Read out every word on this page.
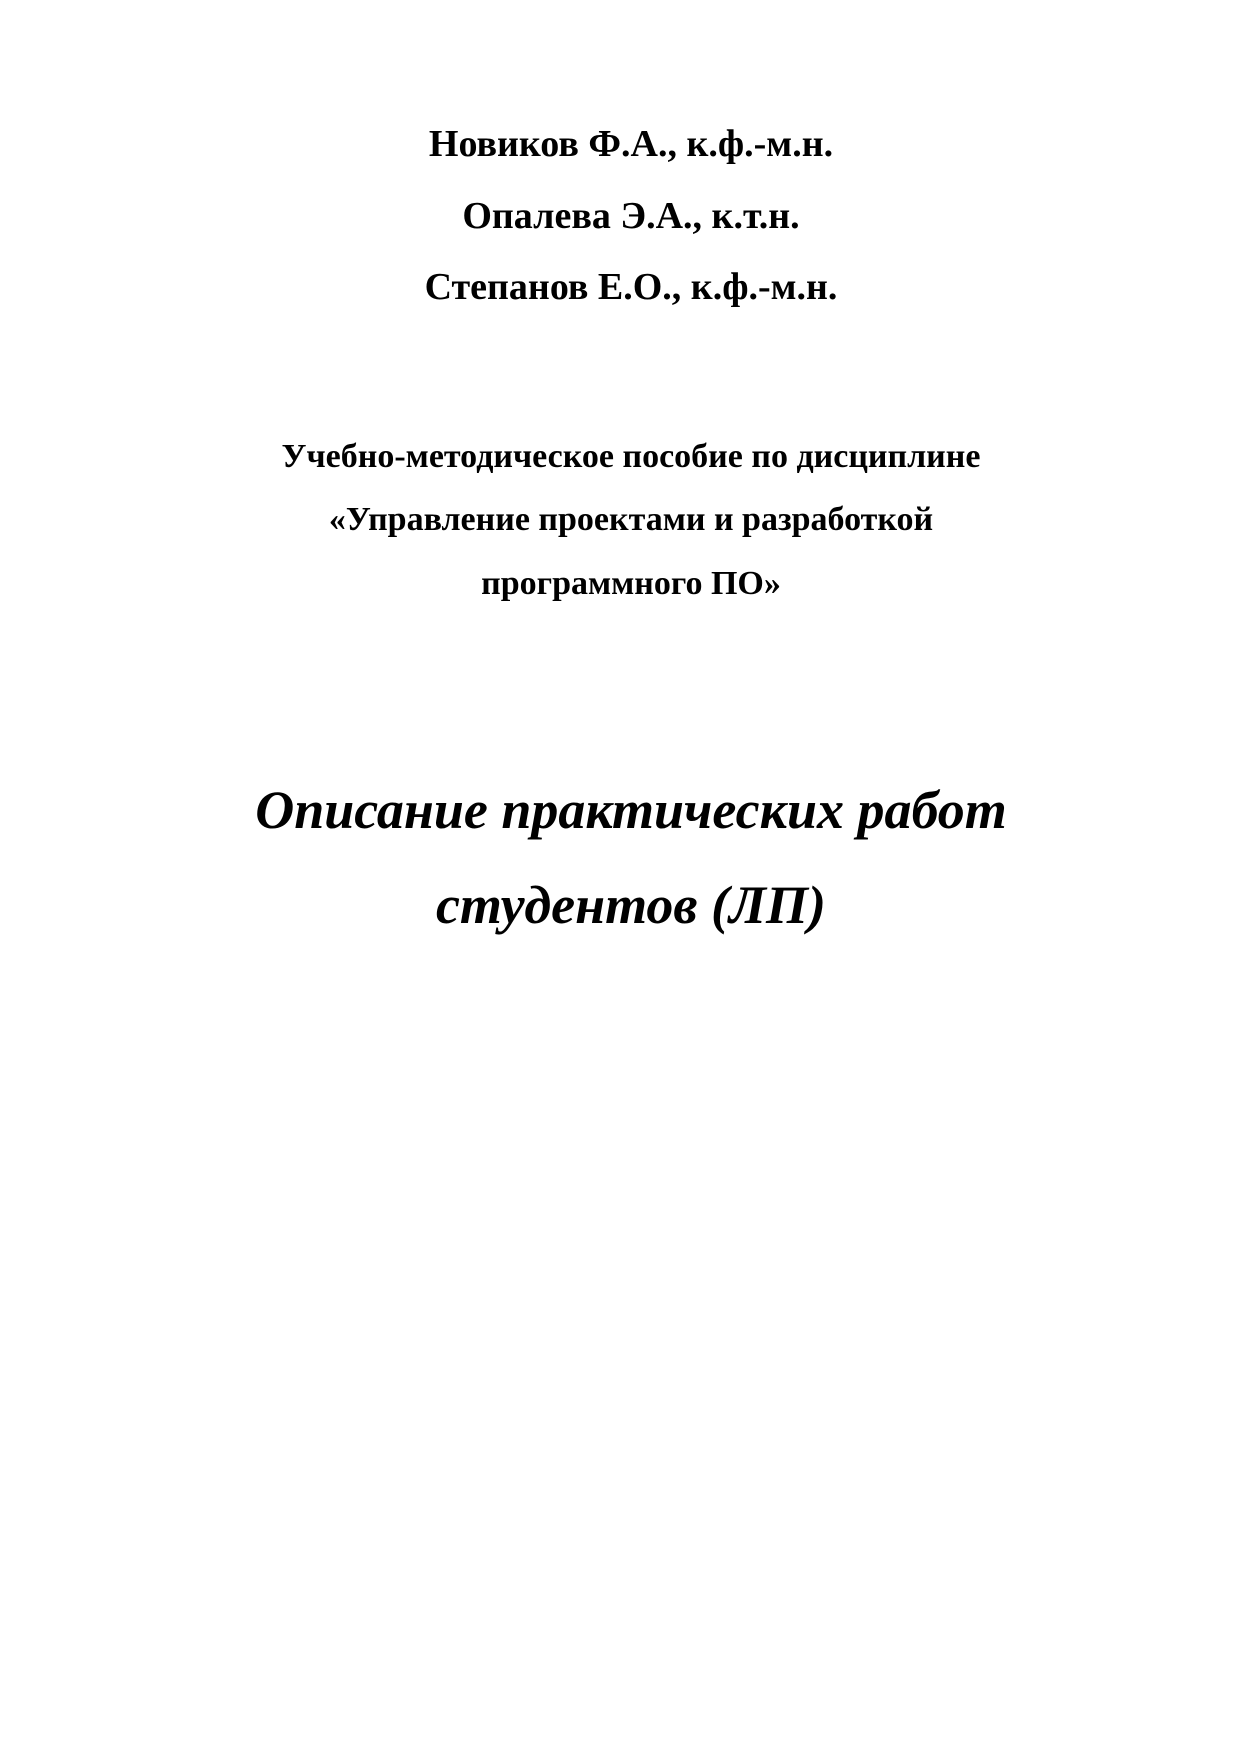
Новиков Ф.А., к.ф.-м.н.
Опалева Э.А., к.т.н.
Степанов Е.О., к.ф.-м.н.
Учебно-методическое пособие по дисциплине
«Управление проектами и разработкой
программного ПО»
Описание практических работ
студентов (ЛП)
